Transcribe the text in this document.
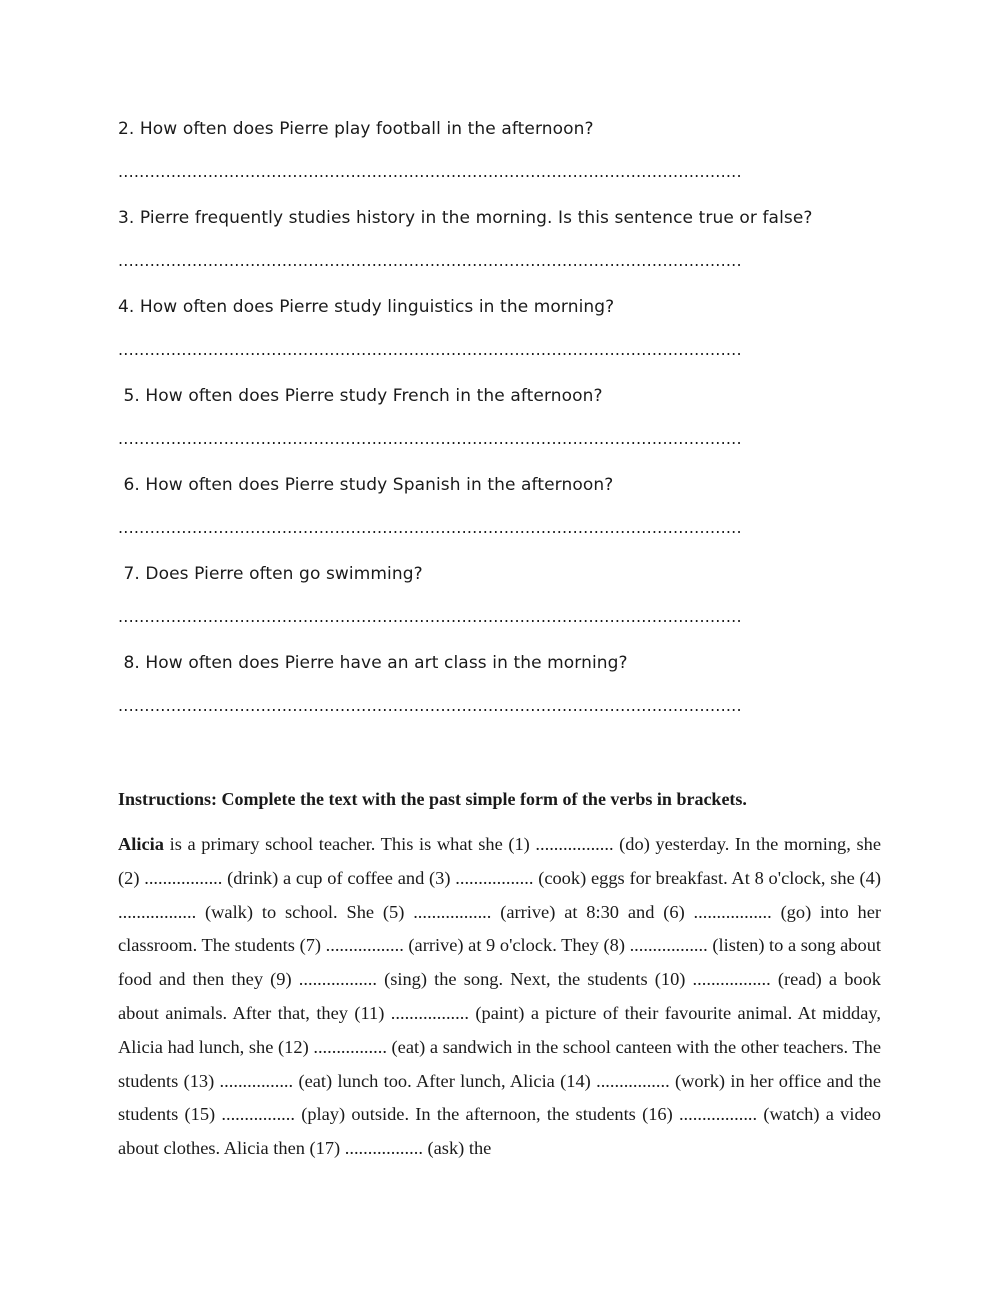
2. How often does Pierre play football in the afternoon?

......................................................................................................................

3. Pierre frequently studies history in the morning. Is this sentence true or false?

......................................................................................................................

4. How often does Pierre study linguistics in the morning?

......................................................................................................................

5. How often does Pierre study French in the afternoon?

......................................................................................................................

6. How often does Pierre study Spanish in the afternoon?

......................................................................................................................

7. Does Pierre often go swimming?

......................................................................................................................

8. How often does Pierre have an art class in the morning?

......................................................................................................................

Instructions: Complete the text with the past simple form of the verbs in brackets.

Alicia is a primary school teacher. This is what she (1) ................. (do) yesterday. In the morning, she (2) ................. (drink) a cup of coffee and (3) ................. (cook) eggs for breakfast. At 8 o'clock, she (4) ................. (walk) to school. She (5) ................. (arrive) at 8:30 and (6) ................. (go) into her classroom. The students (7) ................. (arrive) at 9 o'clock. They (8) ................. (listen) to a song about food and then they (9) ................. (sing) the song. Next, the students (10) ................. (read) a book about animals. After that, they (11) ................. (paint) a picture of their favourite animal. At midday, Alicia had lunch, she (12) ................ (eat) a sandwich in the school canteen with the other teachers. The students (13) ................ (eat) lunch too. After lunch, Alicia (14) ................ (work) in her office and the students (15) ................ (play) outside. In the afternoon, the students (16) ................. (watch) a video about clothes. Alicia then (17) ................. (ask) the
